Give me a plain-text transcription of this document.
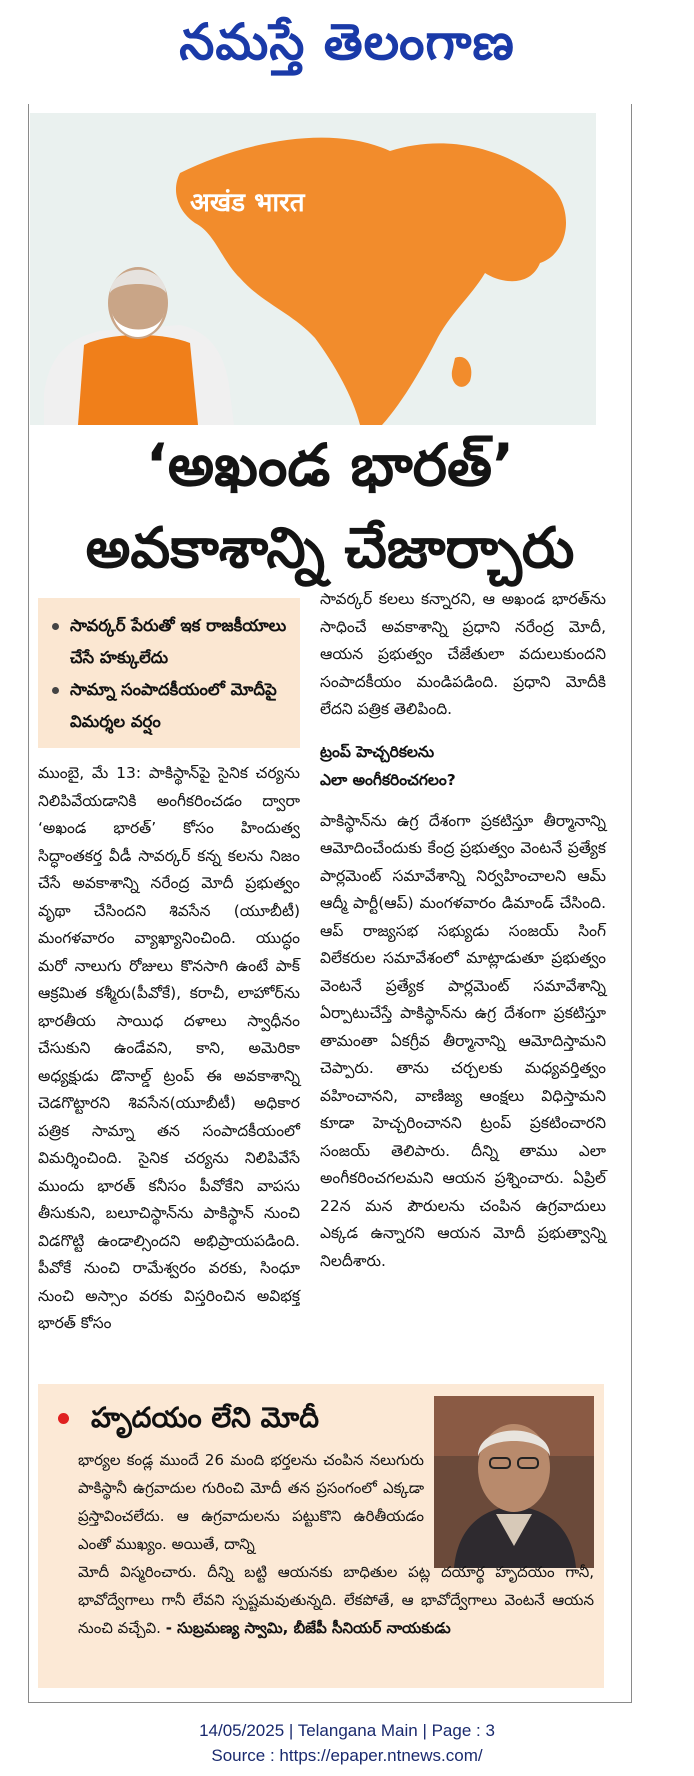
నమస్తే తెలంగాణ
अखंड भारत
‘అఖండ భారత్‌’
అవకాశాన్ని చేజార్చారు
సావర్కర్‌ పేరుతో ఇక రాజకీయాలు చేసే హక్కులేదు
సామ్నా సంపాదకీయంలో మోదీపై విమర్శల వర్షం

ముంబై, మే 13: పాకిస్థాన్‌పై సైనిక చర్యను నిలిపివేయడానికి అంగీకరించడం ద్వారా ‘అఖండ భారత్‌’ కోసం హిందుత్వ సిద్ధాంతకర్త వీడీ సావర్కర్‌ కన్న కలను నిజం చేసే అవకాశాన్ని నరేంద్ర మోదీ ప్రభుత్వం వృథా చేసిందని శివసేన (యూబీటీ) మంగళవారం వ్యాఖ్యానించింది. యుద్ధం మరో నాలుగు రోజులు కొనసాగి ఉంటే పాక్‌ ఆక్రమిత కశ్మీరు(పీవోకే), కరాచీ, లాహోర్‌ను భారతీయ సాయిధ దళాలు స్వాధీనం చేసుకుని ఉండేవని, కాని, అమెరికా అధ్యక్షుడు డొనాల్డ్‌ ట్రంప్‌ ఈ అవకాశాన్ని చెడగొట్టారని శివసేన(యూబీటీ) అధికార పత్రిక సామ్నా తన సంపాదకీయంలో విమర్శించింది. సైనిక చర్యను నిలిపివేసే ముందు భారత్‌ కనీసం పీవోకేని వాపసు తీసుకుని, బలూచిస్థాన్‌ను పాకిస్థాన్‌ నుంచి విడగొట్టి ఉండాల్సిందని అభిప్రాయపడింది. పీవోకే నుంచి రామేశ్వరం వరకు, సింధూ నుంచి అస్సాం వరకు విస్తరించిన అవిభక్త భారత్‌ కోసం

సావర్కర్‌ కలలు కన్నారని, ఆ అఖండ భారత్‌ను సాధించే అవకాశాన్ని ప్రధాని నరేంద్ర మోదీ, ఆయన ప్రభుత్వం చేజేతులా వదులుకుందని సంపాదకీయం మండిపడింది. ప్రధాని మోదీకి లేదని పత్రిక తెలిపింది.

ట్రంప్‌ హెచ్చరికలను

ఎలా అంగీకరించగలం?

పాకిస్థాన్‌ను ఉగ్ర దేశంగా ప్రకటిస్తూ తీర్మానాన్ని ఆమోదించేందుకు కేంద్ర ప్రభుత్వం వెంటనే ప్రత్యేక పార్లమెంట్‌ సమావేశాన్ని నిర్వహించాలని ఆమ్‌ ఆద్మీ పార్టీ(ఆప్‌) మంగళవారం డిమాండ్‌ చేసింది. ఆప్‌ రాజ్యసభ సభ్యుడు సంజయ్‌ సింగ్‌ విలేకరుల సమావేశంలో మాట్లాడుతూ ప్రభుత్వం వెంటనే ప్రత్యేక పార్లమెంట్‌ సమావేశాన్ని ఏర్పాటుచేస్తే పాకిస్థాన్‌ను ఉగ్ర దేశంగా ప్రకటిస్తూ తామంతా ఏకగ్రీవ తీర్మానాన్ని ఆమోదిస్తామని చెప్పారు. తాను చర్చలకు మధ్యవర్తిత్వం వహించానని, వాణిజ్య ఆంక్షలు విధిస్తామని కూడా హెచ్చరించానని ట్రంప్‌ ప్రకటించారని సంజయ్‌ తెలిపారు. దీన్ని తాము ఎలా అంగీకరించగలమని ఆయన ప్రశ్నించారు. ఏప్రిల్‌ 22న మన పౌరులను చంపిన ఉగ్రవాదులు ఎక్కడ ఉన్నారని ఆయన మోదీ ప్రభుత్వాన్ని నిలదీశారు.

హృదయం లేని మోదీ
భార్యల కండ్ల ముందే 26 మంది భర్తలను చంపిన నలుగురు పాకిస్థానీ ఉగ్రవాదుల గురించి మోదీ తన ప్రసంగంలో ఎక్కడా ప్రస్తావించలేదు. ఆ ఉగ్రవాదులను పట్టుకొని ఉరితీయడం ఎంతో ముఖ్యం. అయితే, దాన్ని
మోదీ విస్మరించారు. దీన్ని బట్టి ఆయనకు బాధితుల పట్ల దయార్థ హృదయం గానీ, భావోద్వేగాలు గానీ లేవని స్పష్టమవుతున్నది. లేకపోతే, ఆ భావోద్వేగాలు వెంటనే ఆయన నుంచి వచ్చేవి. - సుబ్రమణ్య స్వామి, బీజేపీ సీనియర్‌ నాయకుడు
14/05/2025 | Telangana Main | Page : 3
Source : https://epaper.ntnews.com/
